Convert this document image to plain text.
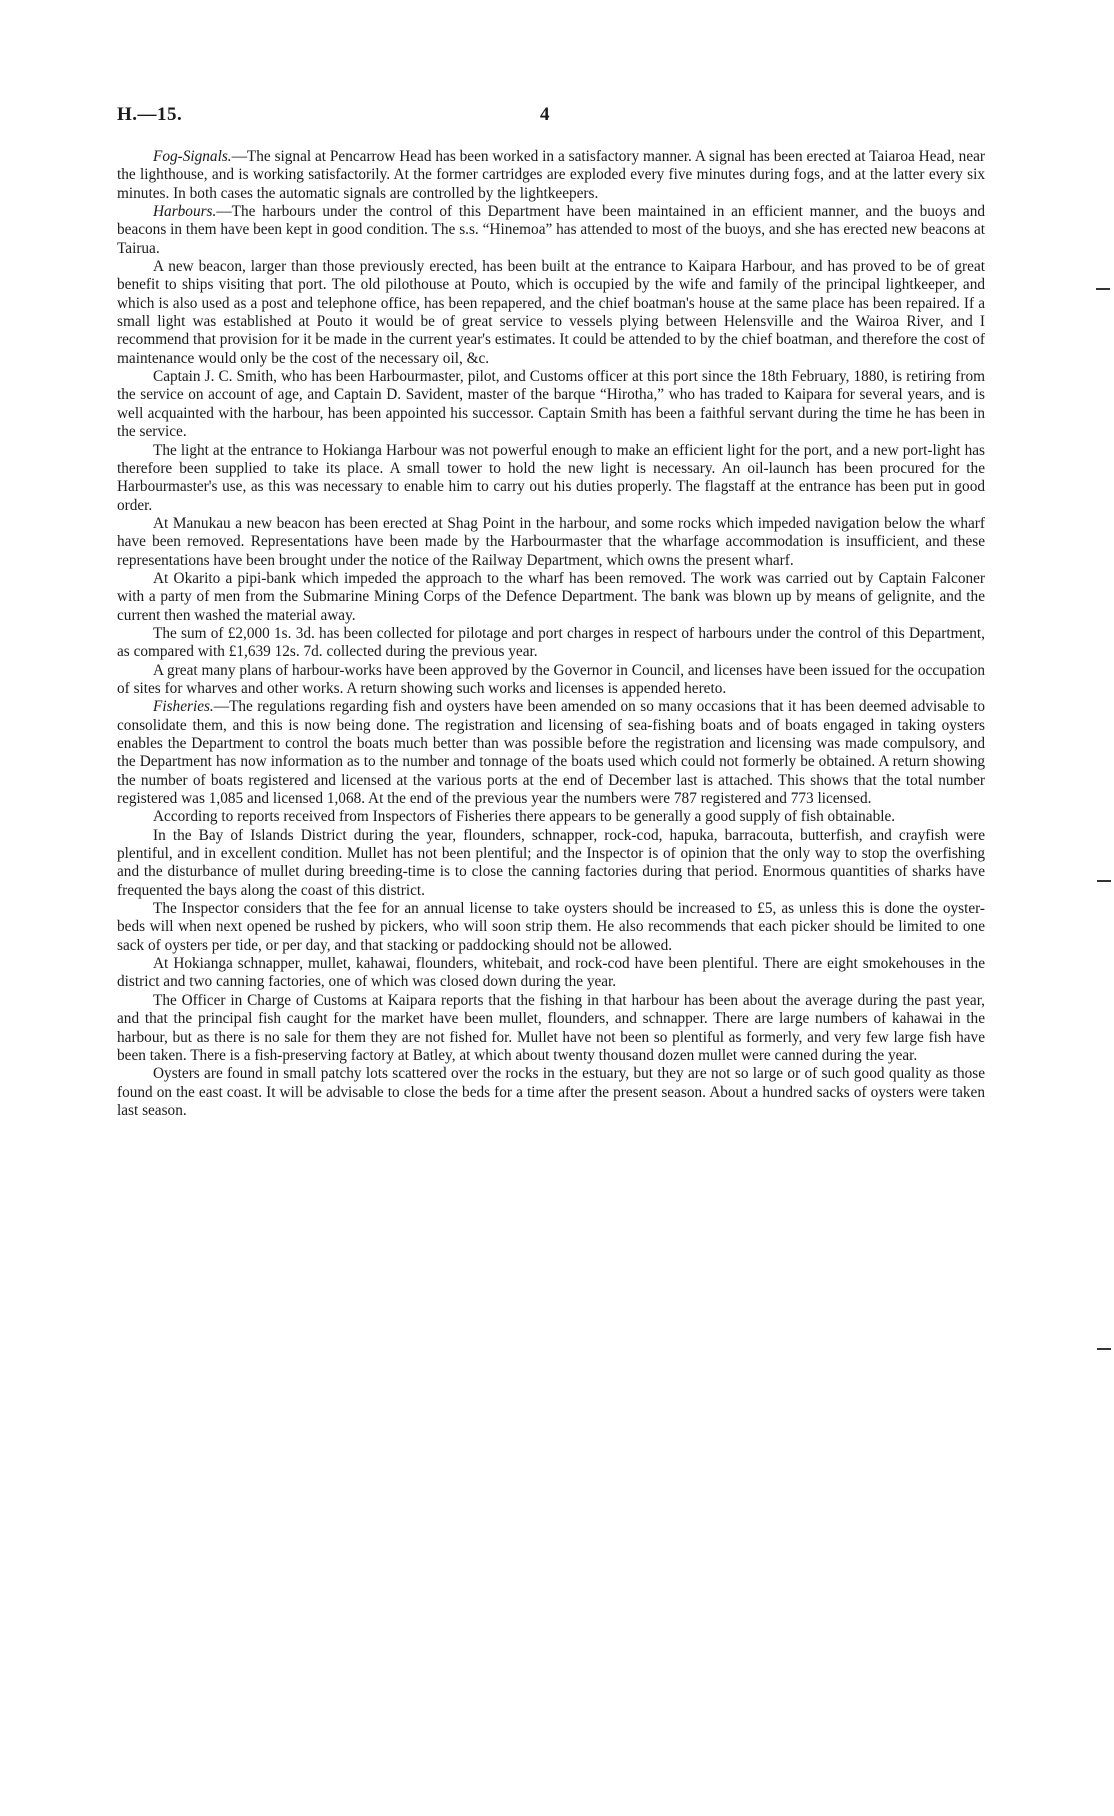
H.—15.	4

Fog-Signals.—The signal at Pencarrow Head has been worked in a satisfactory manner. A signal has been erected at Taiaroa Head, near the lighthouse, and is working satisfactorily. At the former cartridges are exploded every five minutes during fogs, and at the latter every six minutes. In both cases the automatic signals are controlled by the lightkeepers.

Harbours.—The harbours under the control of this Department have been maintained in an efficient manner, and the buoys and beacons in them have been kept in good condition. The s.s. “Hinemoa” has attended to most of the buoys, and she has erected new beacons at Tairua.

A new beacon, larger than those previously erected, has been built at the entrance to Kaipara Harbour, and has proved to be of great benefit to ships visiting that port. The old pilothouse at Pouto, which is occupied by the wife and family of the principal lightkeeper, and which is also used as a post and telephone office, has been repapered, and the chief boatman's house at the same place has been repaired. If a small light was established at Pouto it would be of great service to vessels plying between Helensville and the Wairoa River, and I recommend that provision for it be made in the current year's estimates. It could be attended to by the chief boatman, and therefore the cost of maintenance would only be the cost of the necessary oil, &c.

Captain J. C. Smith, who has been Harbourmaster, pilot, and Customs officer at this port since the 18th February, 1880, is retiring from the service on account of age, and Captain D. Savident, master of the barque “Hirotha,” who has traded to Kaipara for several years, and is well acquainted with the harbour, has been appointed his successor. Captain Smith has been a faithful servant during the time he has been in the service.

The light at the entrance to Hokianga Harbour was not powerful enough to make an efficient light for the port, and a new port-light has therefore been supplied to take its place. A small tower to hold the new light is necessary. An oil-launch has been procured for the Harbourmaster's use, as this was necessary to enable him to carry out his duties properly. The flagstaff at the entrance has been put in good order.

At Manukau a new beacon has been erected at Shag Point in the harbour, and some rocks which impeded navigation below the wharf have been removed. Representations have been made by the Harbourmaster that the wharfage accommodation is insufficient, and these representations have been brought under the notice of the Railway Department, which owns the present wharf.

At Okarito a pipi-bank which impeded the approach to the wharf has been removed. The work was carried out by Captain Falconer with a party of men from the Submarine Mining Corps of the Defence Department. The bank was blown up by means of gelignite, and the current then washed the material away.

The sum of £2,000 1s. 3d. has been collected for pilotage and port charges in respect of harbours under the control of this Department, as compared with £1,639 12s. 7d. collected during the previous year.

A great many plans of harbour-works have been approved by the Governor in Council, and licenses have been issued for the occupation of sites for wharves and other works. A return showing such works and licenses is appended hereto.

Fisheries.—The regulations regarding fish and oysters have been amended on so many occasions that it has been deemed advisable to consolidate them, and this is now being done. The registration and licensing of sea-fishing boats and of boats engaged in taking oysters enables the Department to control the boats much better than was possible before the registration and licensing was made compulsory, and the Department has now information as to the number and tonnage of the boats used which could not formerly be obtained. A return showing the number of boats registered and licensed at the various ports at the end of December last is attached. This shows that the total number registered was 1,085 and licensed 1,068. At the end of the previous year the numbers were 787 registered and 773 licensed.

According to reports received from Inspectors of Fisheries there appears to be generally a good supply of fish obtainable.

In the Bay of Islands District during the year, flounders, schnapper, rock-cod, hapuka, barracouta, butterfish, and crayfish were plentiful, and in excellent condition. Mullet has not been plentiful; and the Inspector is of opinion that the only way to stop the overfishing and the disturbance of mullet during breeding-time is to close the canning factories during that period. Enormous quantities of sharks have frequented the bays along the coast of this district.

The Inspector considers that the fee for an annual license to take oysters should be increased to £5, as unless this is done the oyster-beds will when next opened be rushed by pickers, who will soon strip them. He also recommends that each picker should be limited to one sack of oysters per tide, or per day, and that stacking or paddocking should not be allowed.

At Hokianga schnapper, mullet, kahawai, flounders, whitebait, and rock-cod have been plentiful. There are eight smokehouses in the district and two canning factories, one of which was closed down during the year.

The Officer in Charge of Customs at Kaipara reports that the fishing in that harbour has been about the average during the past year, and that the principal fish caught for the market have been mullet, flounders, and schnapper. There are large numbers of kahawai in the harbour, but as there is no sale for them they are not fished for. Mullet have not been so plentiful as formerly, and very few large fish have been taken. There is a fish-preserving factory at Batley, at which about twenty thousand dozen mullet were canned during the year.

Oysters are found in small patchy lots scattered over the rocks in the estuary, but they are not so large or of such good quality as those found on the east coast. It will be advisable to close the beds for a time after the present season. About a hundred sacks of oysters were taken last season.
